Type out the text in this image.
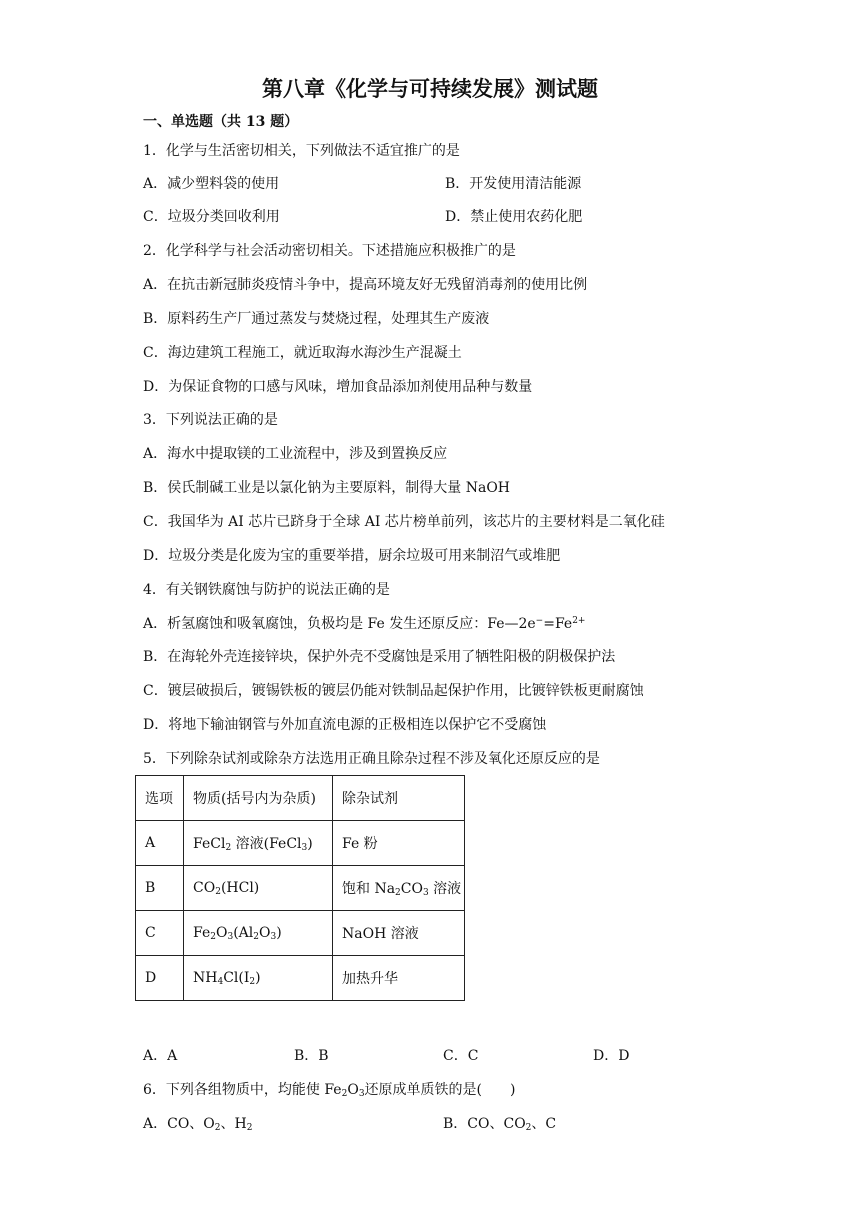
第八章《化学与可持续发展》测试题
一、单选题（共 13 题）
1．化学与生活密切相关，下列做法不适宜推广的是
A．减少塑料袋的使用	B．开发使用清洁能源
C．垃圾分类回收利用	D．禁止使用农药化肥
2．化学科学与社会活动密切相关。下述措施应积极推广的是
A．在抗击新冠肺炎疫情斗争中，提高环境友好无残留消毒剂的使用比例
B．原料药生产厂通过蒸发与焚烧过程，处理其生产废液
C．海边建筑工程施工，就近取海水海沙生产混凝土
D．为保证食物的口感与风味，增加食品添加剂使用品种与数量
3．下列说法正确的是
A．海水中提取镁的工业流程中，涉及到置换反应
B．侯氏制碱工业是以氯化钠为主要原料，制得大量 NaOH
C．我国华为 AI 芯片已跻身于全球 AI 芯片榜单前列，该芯片的主要材料是二氧化硅
D．垃圾分类是化废为宝的重要举措，厨余垃圾可用来制沼气或堆肥
4．有关钢铁腐蚀与防护的说法正确的是
A．析氢腐蚀和吸氧腐蚀，负极均是 Fe 发生还原反应：$Fe—2e^-=Fe^{2+}$
B．在海轮外壳连接锌块，保护外壳不受腐蚀是采用了牺牲阳极的阴极保护法
C．镀层破损后，镀锡铁板的镀层仍能对铁制品起保护作用，比镀锌铁板更耐腐蚀
D．将地下输油钢管与外加直流电源的正极相连以保护它不受腐蚀
5．下列除杂试剂或除杂方法选用正确且除杂过程不涉及氧化还原反应的是
选项	物质(括号内为杂质)	除杂试剂
A	FeCl$_2$ 溶液(FeCl$_3$)	Fe 粉
B	$CO_2(HCl)$	饱和 $Na_2CO_3$ 溶液
C	$Fe_2O_3(Al_2O_3)$	NaOH 溶液
D	$NH_4Cl(I_2)$	加热升华
A．A	B．B	C．C	D．D
6．下列各组物质中，均能使 $Fe_2O_3$还原成单质铁的是(　　)
A．CO、$O_2$、$H_2$	B．CO、$CO_2$、C
